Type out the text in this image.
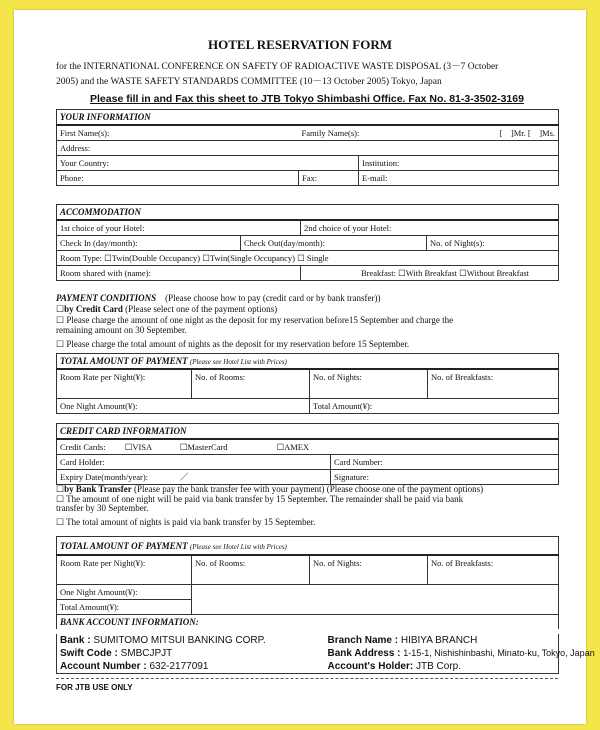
HOTEL RESERVATION FORM
for the INTERNATIONAL CONFERENCE ON SAFETY OF RADIOACTIVE WASTE DISPOSAL (3－7 October
2005) and the WASTE SAFETY STANDARDS COMMITTEE (10－13 October 2005) Tokyo, Japan
Please fill in and Fax this sheet to JTB Tokyo Shimbashi Office. Fax No. 81-3-3502-3169
YOUR INFORMATION			
First Name(s):	Family Name(s):		[　]Mr. [　]Ms.
Address:			
Your Country:		Institution:	
Phone:	Fax:	E-mail:	
ACCOMMODATION			
1st choice of your Hotel:		2nd choice of your Hotel:	
Check In (day/month):	Check Out(day/month):		No. of Night(s):
Room Type: ☐Twin(Double Occupancy) ☐Twin(Single Occupancy) ☐ Single			
Room shared with (name):		Breakfast: ☐With Breakfast ☐Without Breakfast	
PAYMENT CONDITIONS (Please choose how to pay (credit card or by bank transfer))
☐by Credit Card (Please select one of the payment options)
☐ Please charge the amount of one night as the deposit for my reservation before15 September and charge the
remaining amount on 30 September.
☐ Please charge the total amount of nights as the deposit for my reservation before 15 September.
TOTAL AMOUNT OF PAYMENT (Please see Hotel List with Prices)			
Room Rate per Night(¥):	No. of Rooms:	No. of Nights:	No. of Breakfasts:

One Night Amount(¥):		Total Amount(¥):	
CREDIT CARD INFORMATION	
Credit Cards: ☐VISA ☐MasterCard ☐AMEX	
Card Holder:	Card Number:
Expiry Date(month/year): ／	Signature:
☐by Bank Transfer (Please pay the bank transfer fee with your payment) (Please choose one of the payment options)
☐ The amount of one night will be paid via bank transfer by 15 September. The remainder shall be paid via bank
transfer by 30 September.
☐ The total amount of nights is paid via bank transfer by 15 September.
TOTAL AMOUNT OF PAYMENT (Please see Hotel List with Prices)			
Room Rate per Night(¥):	No. of Rooms:	No. of Nights:	No. of Breakfasts:

One Night Amount(¥):			
Total Amount(¥):			
BANK ACCOUNT INFORMATION:			
Bank : SUMITOMO MITSUI BANKING CORP.	Branch Name : HIBIYA BRANCH
Swift Code : SMBCJPJT	Bank Address : 1-15-1, Nishishinbashi, Minato-ku, Tokyo, Japan
Account Number : 632-2177091	Account's Holder: JTB Corp.
FOR JTB USE ONLY
